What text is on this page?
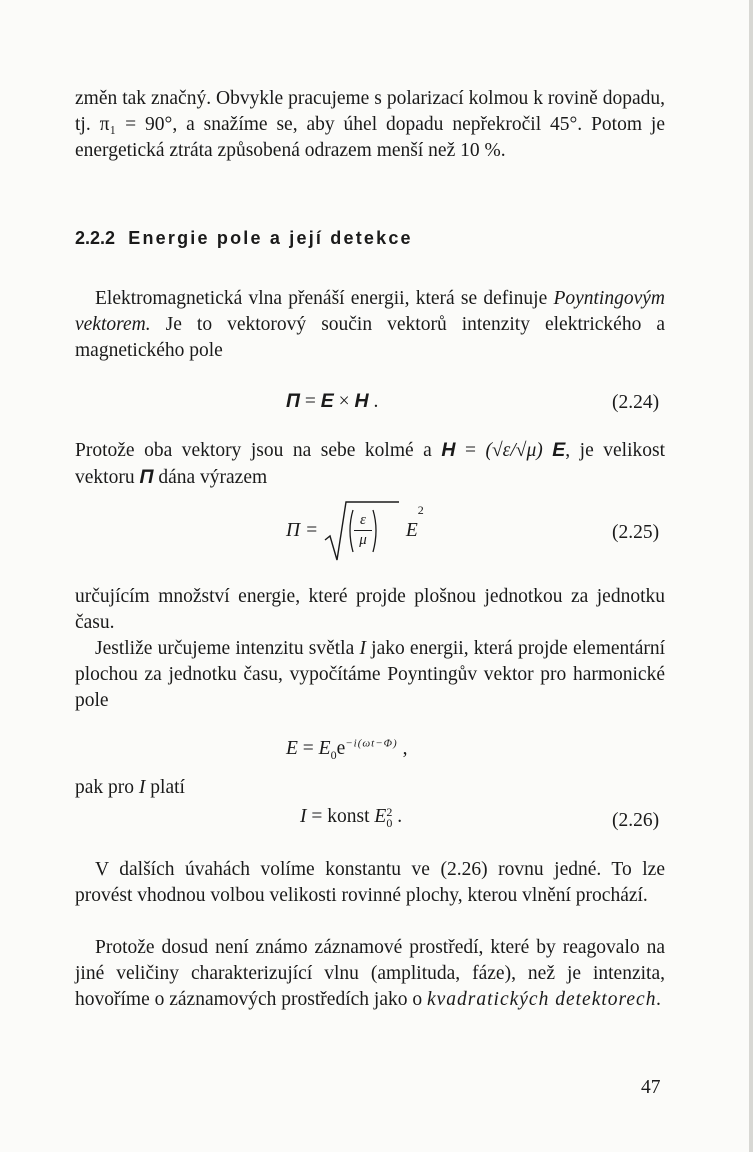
změn tak značný. Obvykle pracujeme s polarizací kolmou k rovině dopadu, tj. π₁ = 90°, a snažíme se, aby úhel dopadu nepřekročil 45°. Potom je energetická ztráta způsobená odrazem menší než 10 %.

2.2.2 Energie pole a její detekce

Elektromagnetická vlna přenáší energii, která se definuje Poyntingovým vektorem. Je to vektorový součin vektorů intenzity elektrického a magnetického pole

Π = E × H .	(2.24)

Protože oba vektory jsou na sebe kolmé a H = (√ε/√μ) E, je velikost vektoru Π dána výrazem

Π =	ε
μ $E^2$
(2.25)

určujícím množství energie, které projde plošnou jednotkou za jednotku času.

Jestliže určujeme intenzitu světla I jako energii, která projde elementární plochou za jednotku času, vypočítáme Poyntingův vektor pro harmonické pole

$E = E_0e^{-i(\omega t-\Phi)}$ ,

pak pro I platí

I = konst E 2
0 .	(2.26)

V dalších úvahách volíme konstantu ve (2.26) rovnu jedné. To lze provést vhodnou volbou velikosti rovinné plochy, kterou vlnění prochází.

Protože dosud není známo záznamové prostředí, které by reagovalo na jiné veličiny charakterizující vlnu (amplituda, fáze), než je intenzita, hovoříme o záznamových prostředích jako o kvadratických detektorech.

47
